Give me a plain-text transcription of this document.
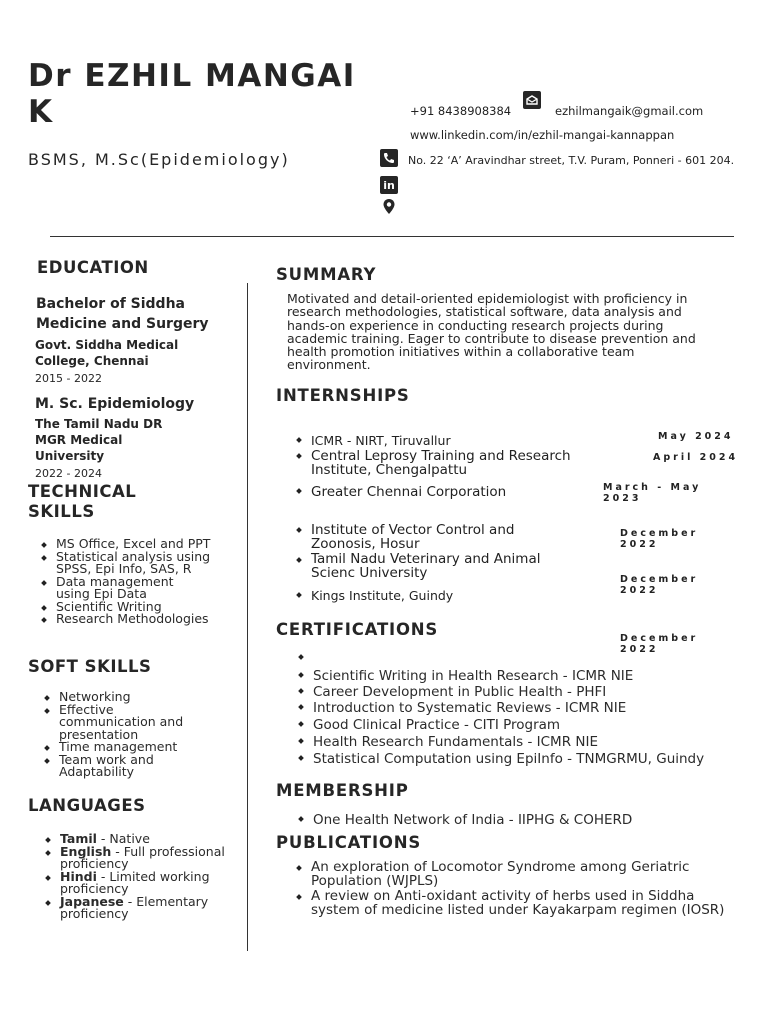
Dr EZHIL MANGAI K
BSMS, M.Sc(Epidemiology)
+91 8438908384	ezhilmangaik@gmail.com
www.linkedin.com/in/ezhil-mangai-kannappan
No. 22 ‘A’ Aravindhar street, T.V. Puram, Ponneri - 601 204.
in
EDUCATION
Bachelor of Siddha Medicine and Surgery
Govt. Siddha Medical College, Chennai
2015 - 2022
M. Sc. Epidemiology
The Tamil Nadu DR MGR Medical University
2022 - 2024
TECHNICAL SKILLS
MS Office, Excel and PPT
Statistical analysis using SPSS, Epi Info, SAS, R
Data management using Epi Data
Scientific Writing
Research Methodologies
SOFT SKILLS
Networking
Effective communication and presentation
Time management
Team work and Adaptability
LANGUAGES
Tamil - Native
English - Full professional proficiency
Hindi - Limited working proficiency
Japanese - Elementary proficiency
SUMMARY
Motivated and detail-oriented epidemiologist with proficiency in research methodologies, statistical software, data analysis and hands-on experience in conducting research projects during academic training. Eager to contribute to disease prevention and health promotion initiatives within a collaborative team environment.
INTERNSHIPS
ICMR - NIRT, Tiruvallur
Central Leprosy Training and Research Institute, Chengalpattu
Greater Chennai Corporation
Institute of Vector Control and Zoonosis, Hosur
Tamil Nadu Veterinary and Animal Scienc University
Kings Institute, Guindy
May 2024
April 2024
March - May 2023
December 2022
December 2022
December 2022
CERTIFICATIONS
Scientific Writing in Health Research - ICMR NIE
Career Development in Public Health - PHFI
Introduction to Systematic Reviews - ICMR NIE
Good Clinical Practice - CITI Program
Health Research Fundamentals - ICMR NIE
Statistical Computation using EpiInfo - TNMGRMU, Guindy
MEMBERSHIP
One Health Network of India - IIPHG & COHERD
PUBLICATIONS
An exploration of Locomotor Syndrome among Geriatric Population (WJPLS)
A review on Anti-oxidant activity of herbs used in Siddha system of medicine listed under Kayakarpam regimen (IOSR)
